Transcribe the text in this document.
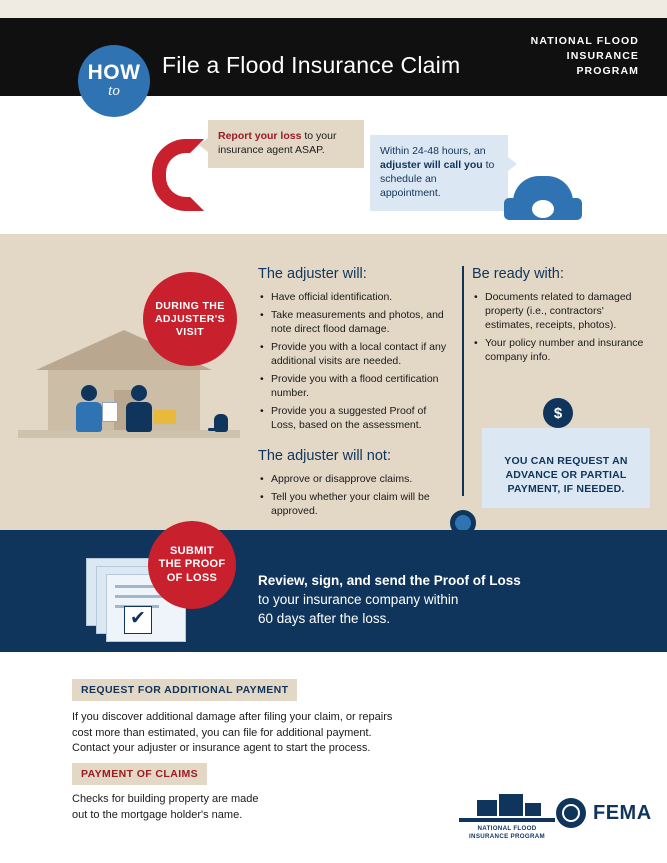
HOW
to
File a Flood Insurance Claim
NATIONAL FLOOD
INSURANCE
PROGRAM
Report your loss to your insurance agent ASAP.	Within 24-48 hours, an adjuster will call you to schedule an appointment.
DURING THE
ADJUSTER'S
VISIT
The adjuster will:
• Have official identification.
• Take measurements and photos, and note direct flood damage.
• Provide you with a local contact if any additional visits are needed.
• Provide you with a flood certification number.
• Provide you a suggested Proof of Loss, based on the assessment.
The adjuster will not:
• Approve or disapprove claims.
• Tell you whether your claim will be approved.
Be ready with:
• Documents related to damaged property (i.e., contractors' estimates, receipts, photos).
• Your policy number and insurance company info.
$
YOU CAN REQUEST AN
ADVANCE OR PARTIAL
PAYMENT, IF NEEDED.
✔
SUBMIT
THE PROOF
OF LOSS	Review, sign, and send the Proof of Loss
to your insurance company within
60 days after the loss.
REQUEST FOR ADDITIONAL PAYMENT
If you discover additional damage after filing your claim, or repairs
cost more than estimated, you can file for additional payment.
Contact your adjuster or insurance agent to start the process.
PAYMENT OF CLAIMS
Checks for building property are made
out to the mortgage holder's name.
NATIONAL FLOOD
INSURANCE PROGRAM
FEMA
